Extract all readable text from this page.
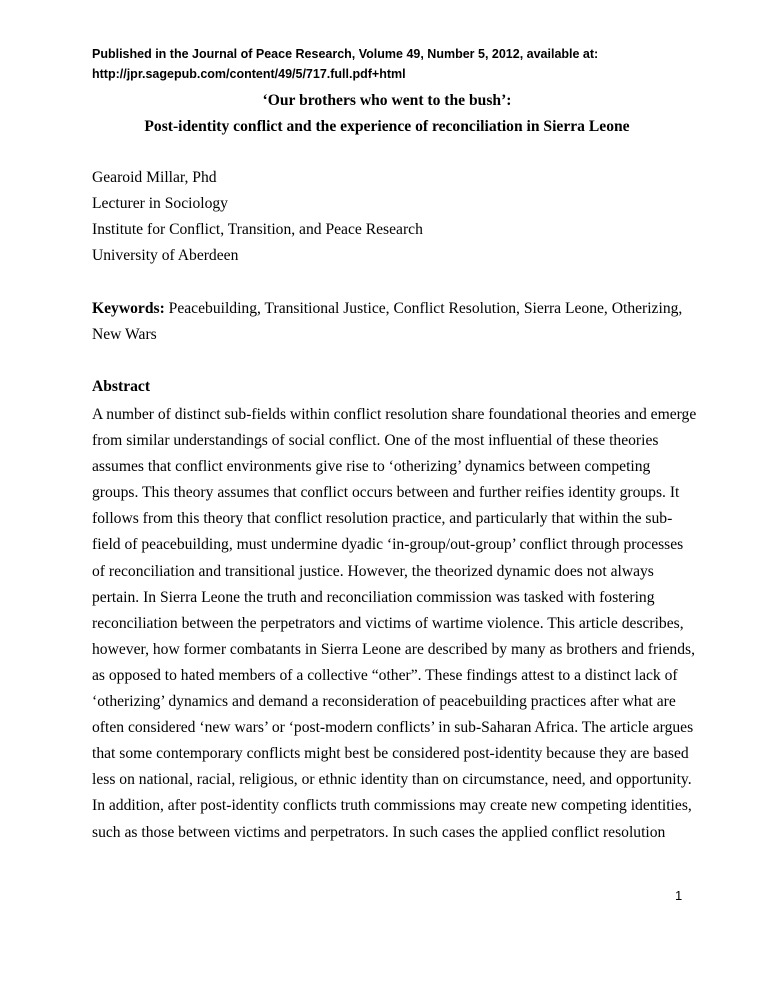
Published in the Journal of Peace Research, Volume 49, Number 5, 2012, available at:
http://jpr.sagepub.com/content/49/5/717.full.pdf+html
‘Our brothers who went to the bush’:
Post-identity conflict and the experience of reconciliation in Sierra Leone
Gearoid Millar, Phd
Lecturer in Sociology
Institute for Conflict, Transition, and Peace Research
University of Aberdeen
Keywords: Peacebuilding, Transitional Justice, Conflict Resolution, Sierra Leone, Otherizing,
New Wars
Abstract
A number of distinct sub-fields within conflict resolution share foundational theories and emerge
from similar understandings of social conflict. One of the most influential of these theories
assumes that conflict environments give rise to ‘otherizing’ dynamics between competing
groups. This theory assumes that conflict occurs between and further reifies identity groups. It
follows from this theory that conflict resolution practice, and particularly that within the sub-
field of peacebuilding, must undermine dyadic ‘in-group/out-group’ conflict through processes
of reconciliation and transitional justice. However, the theorized dynamic does not always
pertain. In Sierra Leone the truth and reconciliation commission was tasked with fostering
reconciliation between the perpetrators and victims of wartime violence. This article describes,
however, how former combatants in Sierra Leone are described by many as brothers and friends,
as opposed to hated members of a collective “other”. These findings attest to a distinct lack of
‘otherizing’ dynamics and demand a reconsideration of peacebuilding practices after what are
often considered ‘new wars’ or ‘post-modern conflicts’ in sub-Saharan Africa. The article argues
that some contemporary conflicts might best be considered post-identity because they are based
less on national, racial, religious, or ethnic identity than on circumstance, need, and opportunity.
In addition, after post-identity conflicts truth commissions may create new competing identities,
such as those between victims and perpetrators. In such cases the applied conflict resolution
1
